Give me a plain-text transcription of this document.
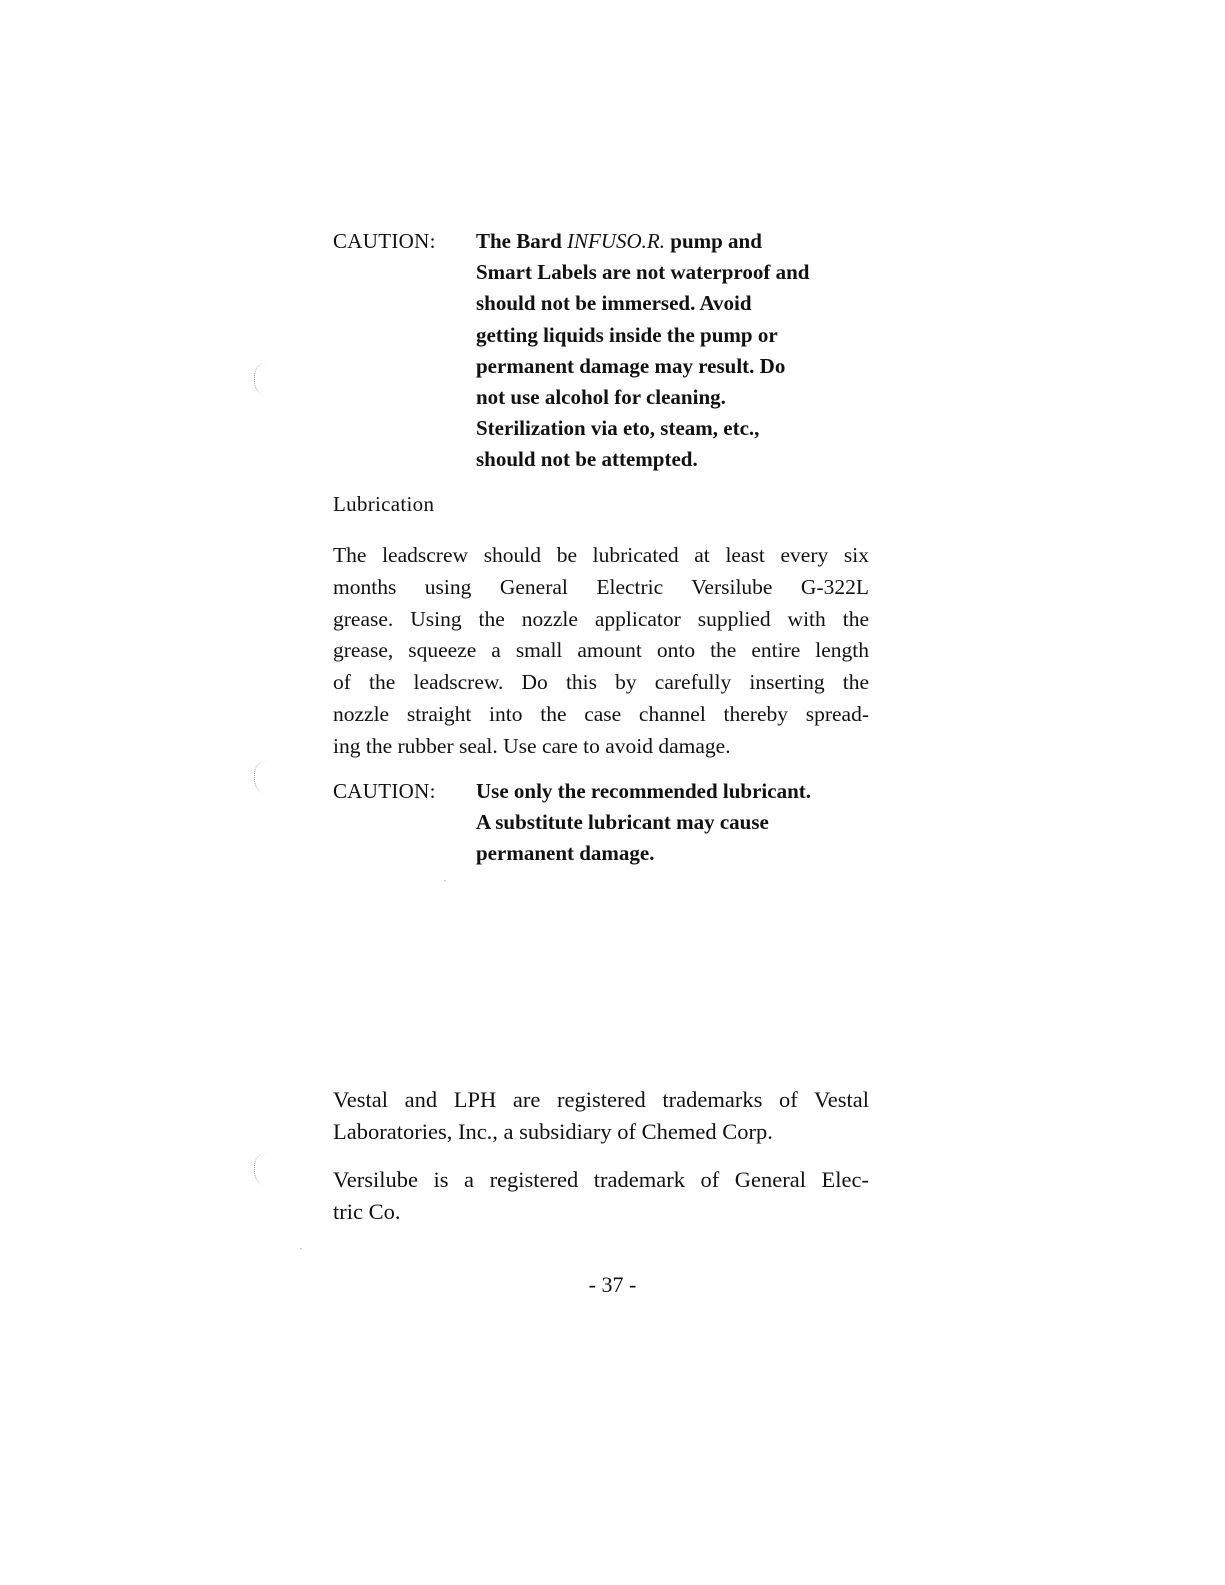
CAUTION: The Bard INFUSO.R. pump and
Smart Labels are not waterproof and
should not be immersed. Avoid
getting liquids inside the pump or
permanent damage may result. Do
not use alcohol for cleaning.
Sterilization via eto, steam, etc.,
should not be attempted.
Lubrication
The leadscrew should be lubricated at least every six
months using General Electric Versilube G-322L
grease. Using the nozzle applicator supplied with the
grease, squeeze a small amount onto the entire length
of the leadscrew. Do this by carefully inserting the
nozzle straight into the case channel thereby spread-
ing the rubber seal. Use care to avoid damage.
CAUTION: Use only the recommended lubricant.
A substitute lubricant may cause
permanent damage.
Vestal and LPH are registered trademarks of Vestal
Laboratories, Inc., a subsidiary of Chemed Corp.
Versilube is a registered trademark of General Elec-
tric Co.
- 37 -
